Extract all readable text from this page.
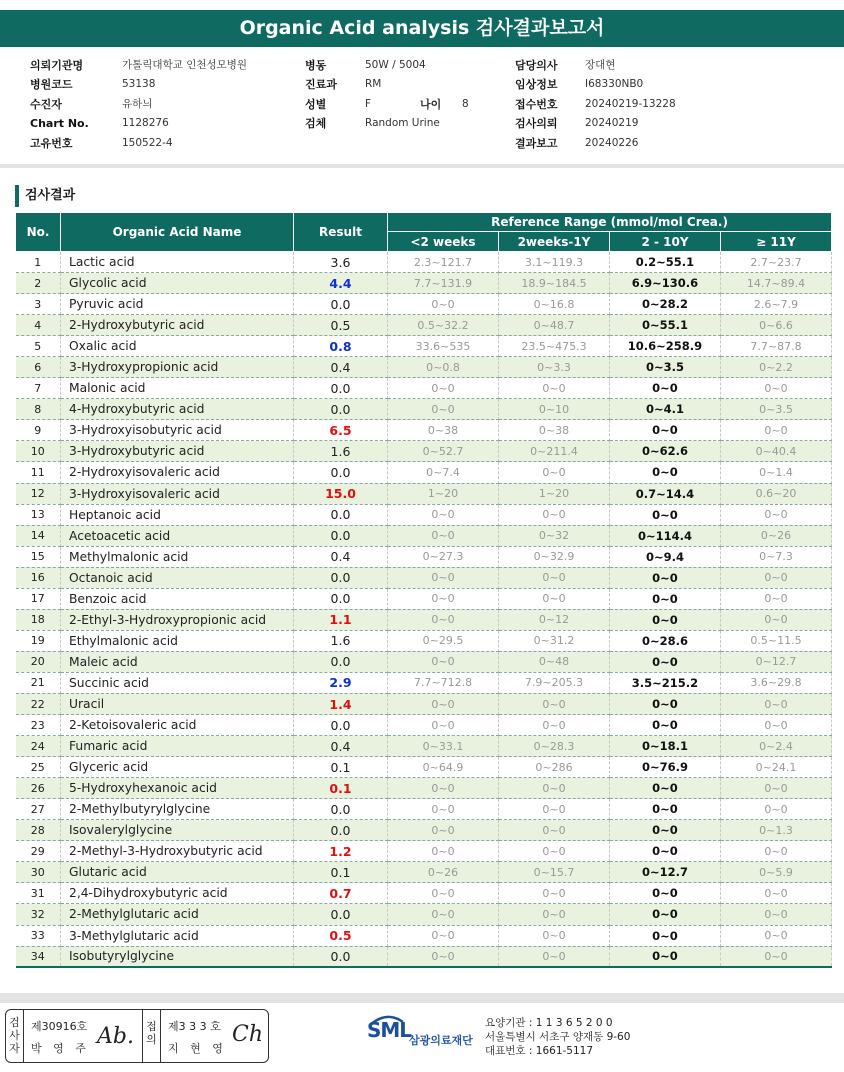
Organic Acid analysis 검사결과보고서
의뢰기관명	가톨릭대학교 인천성모병원
병원코드	53138
수진자	유하늬
Chart No.	1128276
고유번호	150522-4
병동	50W / 5004
진료과	RM
성별	F
검체	Random Urine
담당의사	장대현
임상정보	I68330NB0
접수번호	20240219-13228
검사의뢰	20240219
결과보고	20240226
나이 8
검사결과
No.	Organic Acid Name	Result	Reference Range (mmol/mol Crea.)			
			<2 weeks	2weeks-1Y	2 - 10Y	≥ 11Y
1	Lactic acid	3.6	2.3~121.7	3.1~119.3	0.2~55.1	2.7~23.7
2	Glycolic acid	4.4	7.7~131.9	18.9~184.5	6.9~130.6	14.7~89.4
3	Pyruvic acid	0.0	0~0	0~16.8	0~28.2	2.6~7.9
4	2-Hydroxybutyric acid	0.5	0.5~32.2	0~48.7	0~55.1	0~6.6
5	Oxalic acid	0.8	33.6~535	23.5~475.3	10.6~258.9	7.7~87.8
6	3-Hydroxypropionic acid	0.4	0~0.8	0~3.3	0~3.5	0~2.2
7	Malonic acid	0.0	0~0	0~0	0~0	0~0
8	4-Hydroxybutyric acid	0.0	0~0	0~10	0~4.1	0~3.5
9	3-Hydroxyisobutyric acid	6.5	0~38	0~38	0~0	0~0
10	3-Hydroxybutyric acid	1.6	0~52.7	0~211.4	0~62.6	0~40.4
11	2-Hydroxyisovaleric acid	0.0	0~7.4	0~0	0~0	0~1.4
12	3-Hydroxyisovaleric acid	15.0	1~20	1~20	0.7~14.4	0.6~20
13	Heptanoic acid	0.0	0~0	0~0	0~0	0~0
14	Acetoacetic acid	0.0	0~0	0~32	0~114.4	0~26
15	Methylmalonic acid	0.4	0~27.3	0~32.9	0~9.4	0~7.3
16	Octanoic acid	0.0	0~0	0~0	0~0	0~0
17	Benzoic acid	0.0	0~0	0~0	0~0	0~0
18	2-Ethyl-3-Hydroxypropionic acid	1.1	0~0	0~12	0~0	0~0
19	Ethylmalonic acid	1.6	0~29.5	0~31.2	0~28.6	0.5~11.5
20	Maleic acid	0.0	0~0	0~48	0~0	0~12.7
21	Succinic acid	2.9	7.7~712.8	7.9~205.3	3.5~215.2	3.6~29.8
22	Uracil	1.4	0~0	0~0	0~0	0~0
23	2-Ketoisovaleric acid	0.0	0~0	0~0	0~0	0~0
24	Fumaric acid	0.4	0~33.1	0~28.3	0~18.1	0~2.4
25	Glyceric acid	0.1	0~64.9	0~286	0~76.9	0~24.1
26	5-Hydroxyhexanoic acid	0.1	0~0	0~0	0~0	0~0
27	2-Methylbutyrylglycine	0.0	0~0	0~0	0~0	0~0
28	Isovalerylglycine	0.0	0~0	0~0	0~0	0~1.3
29	2-Methyl-3-Hydroxybutyric acid	1.2	0~0	0~0	0~0	0~0
30	Glutaric acid	0.1	0~26	0~15.7	0~12.7	0~5.9
31	2,4-Dihydroxybutyric acid	0.7	0~0	0~0	0~0	0~0
32	2-Methylglutaric acid	0.0	0~0	0~0	0~0	0~0
33	3-Methylglutaric acid	0.5	0~0	0~0	0~0	0~0
34	Isobutyrylglycine	0.0	0~0	0~0	0~0	0~0
검
사
자
제30916호
박 영 주 Ab. 접
의
제3 3 3 호
지 현 영
Ch	SML
삼광의료재단
요양기관 : 1 1 3 6 5 2 0 0
서울특별시 서초구 양재동 9-60
대표번호 : 1661-5117
